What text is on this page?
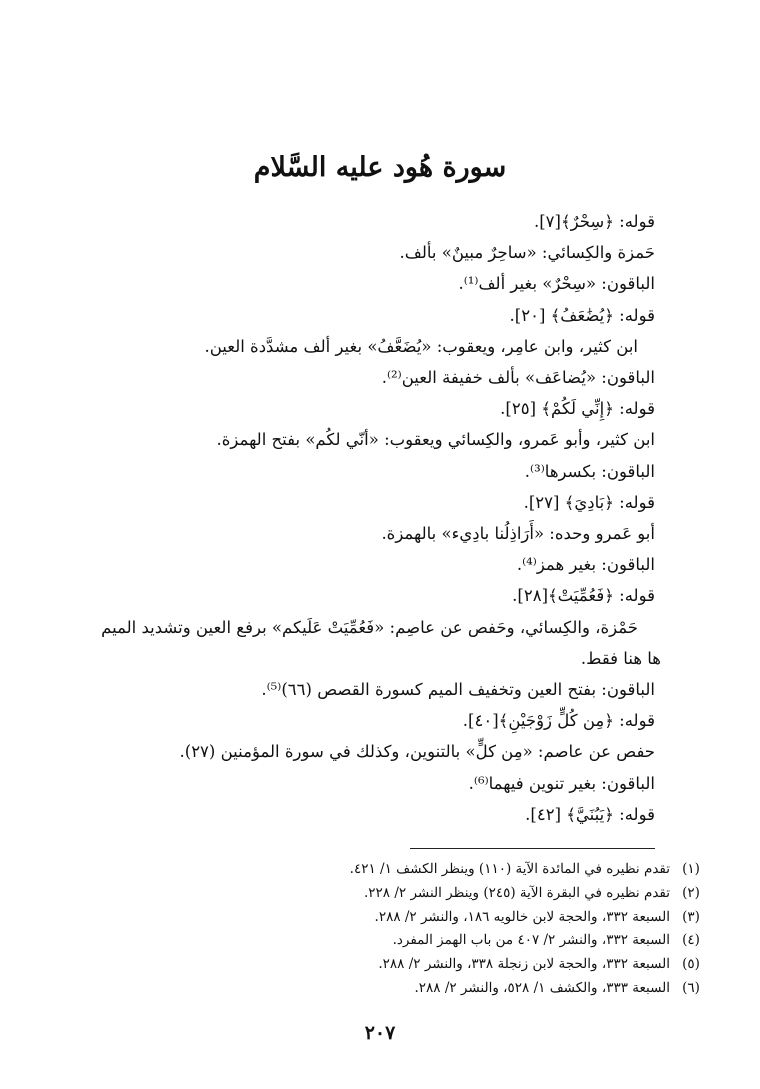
سورة هُود عليه السَّلام
قوله: ﴿سِحْرٌ﴾[٧].
حَمزة والكِسائي: «ساحِرٌ مبينٌ» بألف.
الباقون: «سِحْرٌ» بغير ألف⁽¹⁾.
قوله: ﴿يُضَٰعَفُ﴾ [٢٠].
ابن كثير، وابن عامِر، ويعقوب: «يُضَعَّفُ» بغير ألف مشدَّدة العين.
الباقون: «يُضاعَف» بألف خفيفة العين⁽²⁾.
قوله: ﴿إِنِّي لَكُمْ﴾ [٢٥].
ابن كثير، وأبو عَمرو، والكِسائي ويعقوب: «أنّي لكُم» بفتح الهمزة.
الباقون: بكسرها⁽³⁾.
قوله: ﴿بَادِيَ﴾ [٢٧].
أبو عَمرو وحده: «أَرَاذِلُنا بادِيء» بالهمزة.
الباقون: بغير همز⁽⁴⁾.
قوله: ﴿فَعُمِّيَتْ﴾[٢٨].
حَمْزة، والكِسائي، وحَفص عن عاصِم: «فَعُمِّيَتْ عَلَيكم» برفع العين وتشديد الميم
ها هنا فقط.
الباقون: بفتح العين وتخفيف الميم كسورة القصص (٦٦)⁽⁵⁾.
قوله: ﴿مِن كُلٍّ زَوْجَيْنِ﴾[٤٠].
حفص عن عاصم: «مِن كلٍّ» بالتنوين، وكذلك في سورة المؤمنين (٢٧).
الباقون: بغير تنوين فيهما⁽⁶⁾.
قوله: ﴿يَبُنَيَّ﴾ [٤٢].
(١)
تقدم نظيره في المائدة الآية (١١٠) وينظر الكشف ١/ ٤٢١.
(٢)
تقدم نظيره في البقرة الآية (٢٤٥) وينظر النشر ٢/ ٢٢٨.
(٣)
السبعة ٣٣٢، والحجة لابن خالويه ١٨٦، والنشر ٢/ ٢٨٨.
(٤)
السبعة ٣٣٢، والنشر ٢/ ٤٠٧ من باب الهمز المفرد.
(٥)
السبعة ٣٣٢، والحجة لابن زنجلة ٣٣٨، والنشر ٢/ ٢٨٨.
(٦)
السبعة ٣٣٣، والكشف ١/ ٥٢٨، والنشر ٢/ ٢٨٨.
٢٠٧
